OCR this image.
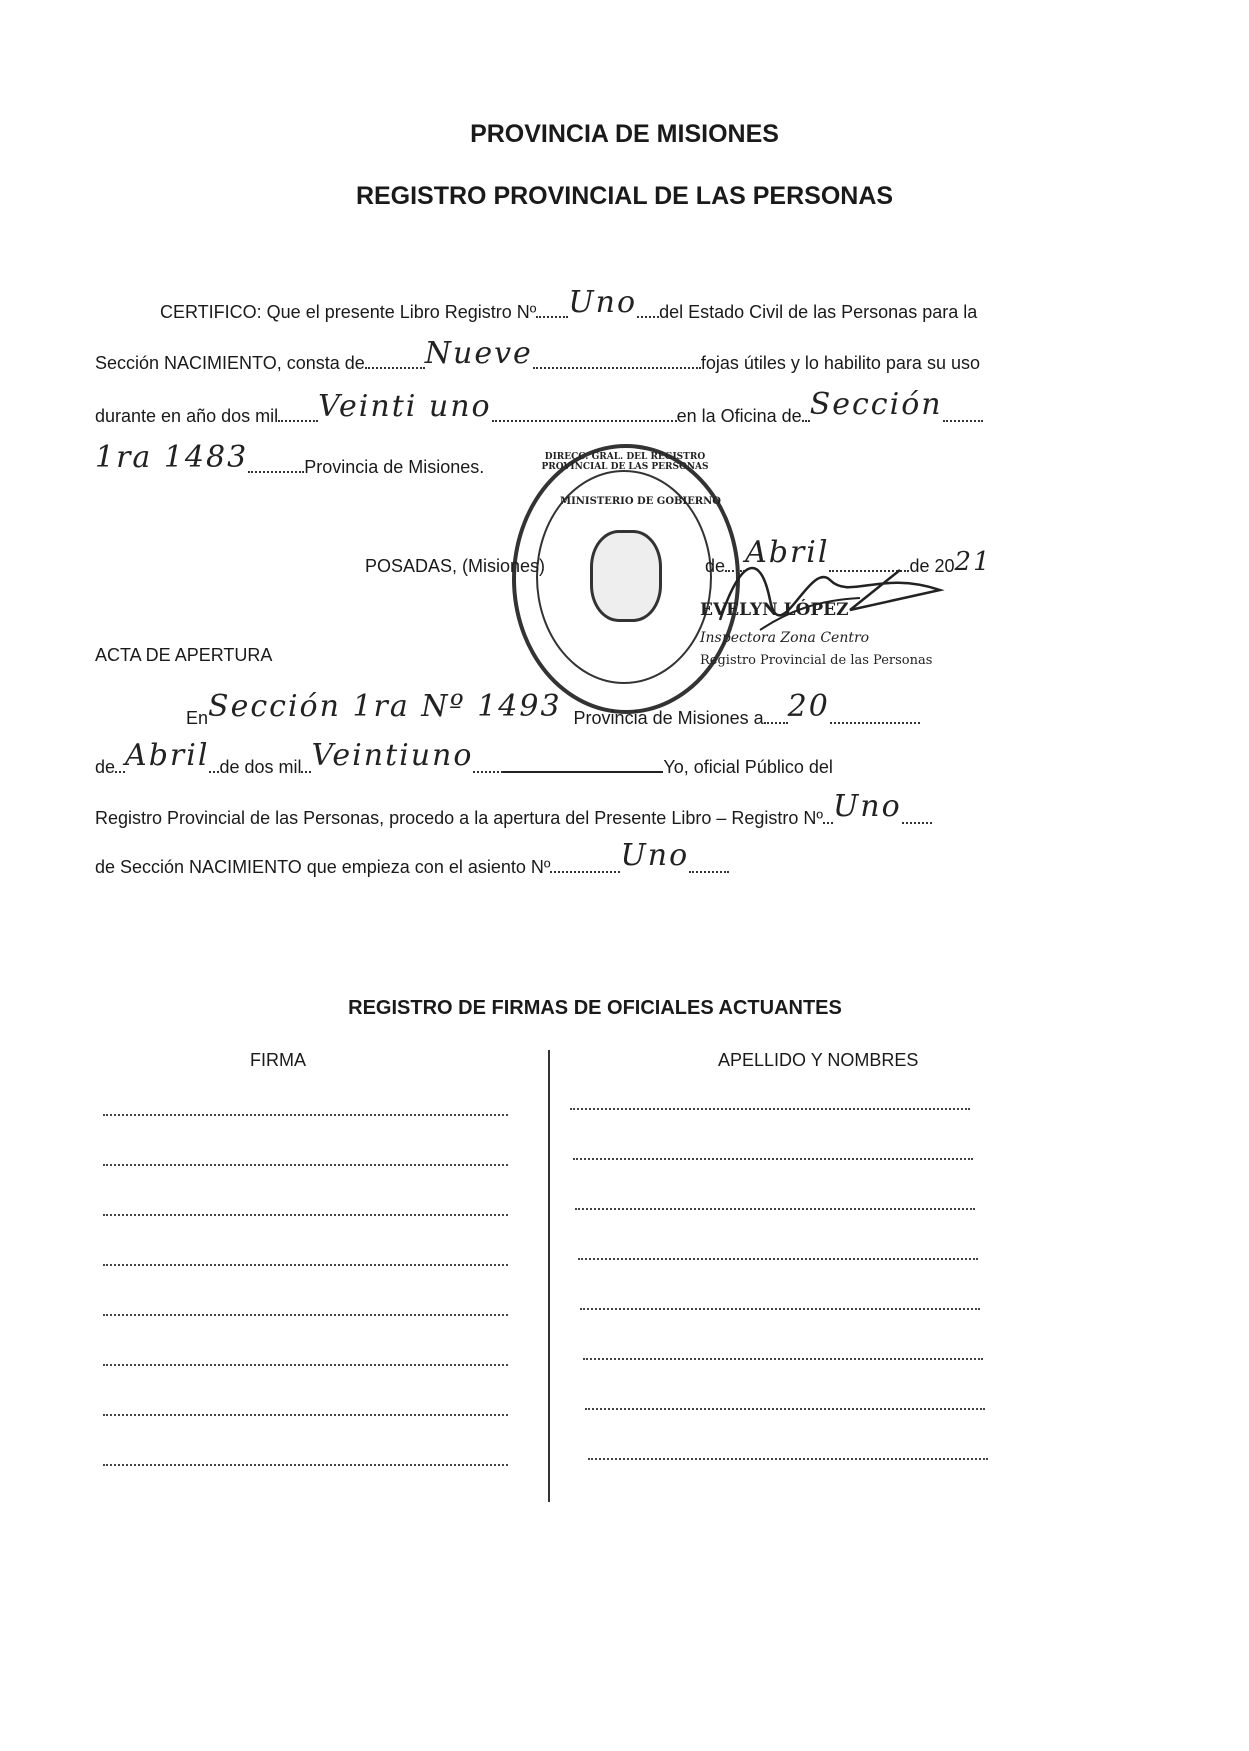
PROVINCIA DE MISIONES
REGISTRO PROVINCIAL DE LAS PERSONAS
CERTIFICO: Que el presente Libro Registro Nº Uno del Estado Civil de las Personas para la
Sección NACIMIENTO, consta de Nueve	fojas útiles y lo habilito para su uso
durante en año dos mil Veinti uno	en la Oficina de Sección
1ra 1483	Provincia de Misiones.	DIRECC. GRAL. DEL REGISTRO PROVINCIAL DE LAS PERSONAS
MINISTERIO DE GOBIERNO
POSADAS, (Misiones)	de Abril	de 2021
EVELYN LÓPEZ
Inspectora Zona Centro
Registro Provincial de las Personas
ACTA DE APERTURA
EnSección 1ra Nº 1493 Provincia de Misiones a 20
de Abril de dos mil Veintiuno	Yo, oficial Público del
Registro Provincial de las Personas, procedo a la apertura del Presente Libro – Registro Nº Uno
de Sección NACIMIENTO que empieza con el asiento Nº Uno
REGISTRO DE FIRMAS DE OFICIALES ACTUANTES
FIRMA	APELLIDO Y NOMBRES
